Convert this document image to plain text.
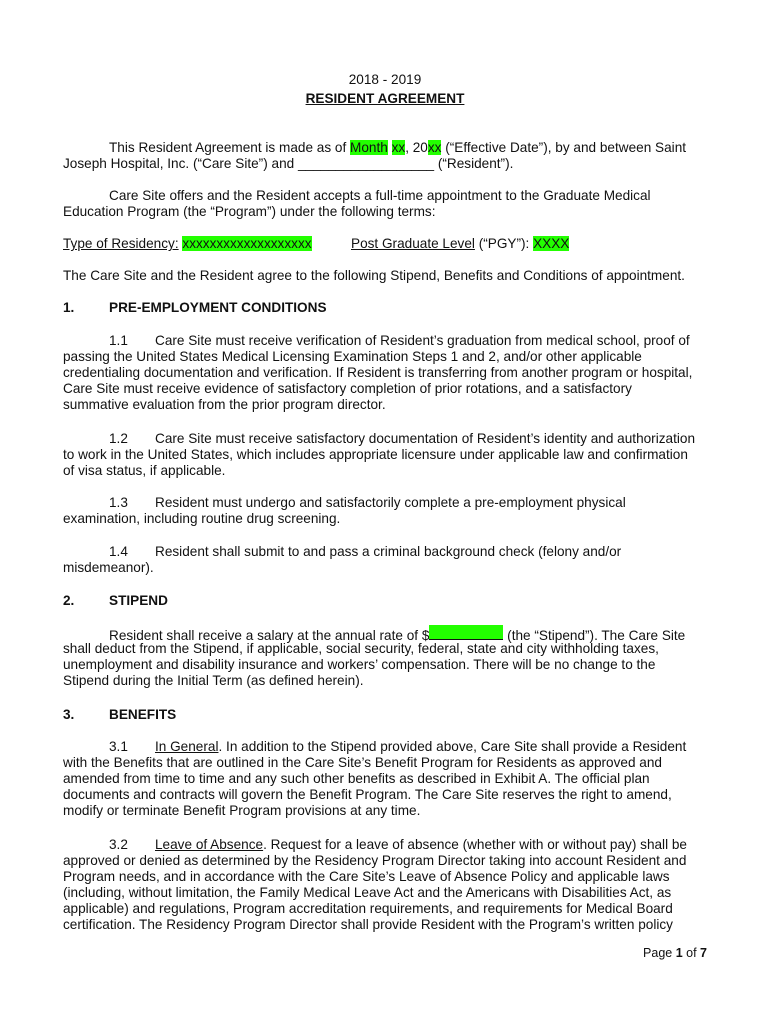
2018 - 2019
RESIDENT AGREEMENT
This Resident Agreement is made as of Month xx, 20xx (“Effective Date”), by and between Saint
Joseph Hospital, Inc. (“Care Site”) and __________________ (“Resident”).
Care Site offers and the Resident accepts a full-time appointment to the Graduate Medical
Education Program (the “Program”) under the following terms:
Type of Residency: xxxxxxxxxxxxxxxxxxx	Post Graduate Level (“PGY”): XXXX
The Care Site and the Resident agree to the following Stipend, Benefits and Conditions of appointment.
1.	PRE-EMPLOYMENT CONDITIONS
1.1 Care Site must receive verification of Resident’s graduation from medical school, proof of
passing the United States Medical Licensing Examination Steps 1 and 2, and/or other applicable
credentialing documentation and verification. If Resident is transferring from another program or hospital,
Care Site must receive evidence of satisfactory completion of prior rotations, and a satisfactory
summative evaluation from the prior program director.
1.2 Care Site must receive satisfactory documentation of Resident’s identity and authorization
to work in the United States, which includes appropriate licensure under applicable law and confirmation
of visa status, if applicable.
1.3 Resident must undergo and satisfactorily complete a pre-employment physical
examination, including routine drug screening.
1.4 Resident shall submit to and pass a criminal background check (felony and/or
misdemeanor).
2.	STIPEND
Resident shall receive a salary at the annual rate of $	(the “Stipend”). The Care Site
shall deduct from the Stipend, if applicable, social security, federal, state and city withholding taxes,
unemployment and disability insurance and workers’ compensation. There will be no change to the
Stipend during the Initial Term (as defined herein).
3.	BENEFITS
3.1 In General. In addition to the Stipend provided above, Care Site shall provide a Resident
with the Benefits that are outlined in the Care Site’s Benefit Program for Residents as approved and
amended from time to time and any such other benefits as described in Exhibit A. The official plan
documents and contracts will govern the Benefit Program. The Care Site reserves the right to amend,
modify or terminate Benefit Program provisions at any time.
3.2 Leave of Absence. Request for a leave of absence (whether with or without pay) shall be
approved or denied as determined by the Residency Program Director taking into account Resident and
Program needs, and in accordance with the Care Site’s Leave of Absence Policy and applicable laws
(including, without limitation, the Family Medical Leave Act and the Americans with Disabilities Act, as
applicable) and regulations, Program accreditation requirements, and requirements for Medical Board
certification. The Residency Program Director shall provide Resident with the Program’s written policy
Page 1 of 7
